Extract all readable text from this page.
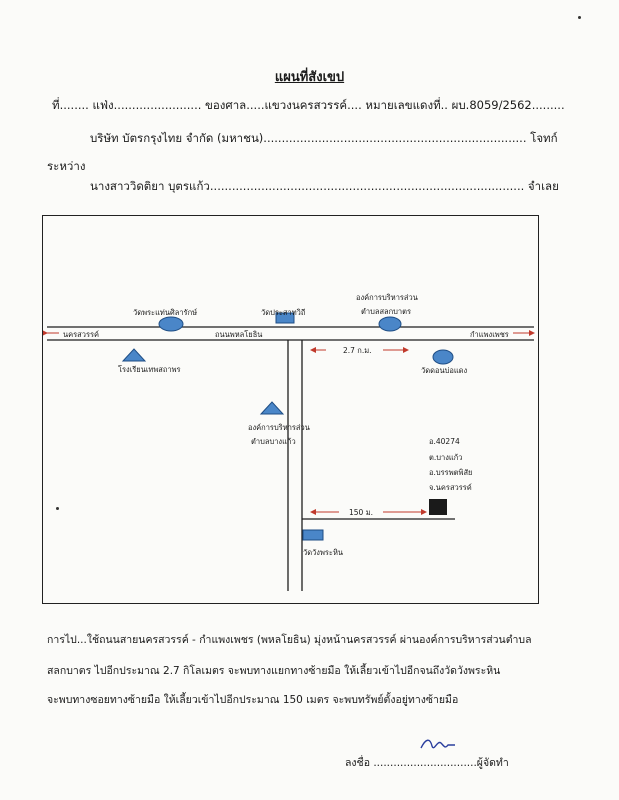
แผนที่สังเขป
ที่........ แฟ่ง........................ ของศาล.....แขวงนครสวรรค์.... หมายเลขแดงที่.. ผบ.8059/2562.........
บริษัท บัตรกรุงไทย จำกัด (มหาชน)........................................................................ โจทก์
ระหว่าง
นางสาววิดติยา บุตรแก้ว...................................................................................... จำเลย
วัดพระแท่นศิลารักษ์	วัดประสาทวิถี
องค์การบริหารส่วน
ตำบลสลกบาตร
นครสวรรค์	ถนนพหลโยธิน	กำแพงเพชร
โรงเรียนเทพสถาพร
2.7 ก.ม.
วัดดอนบ่อแดง
องค์การบริหารส่วน
ตำบลบางแก้ว	อ.40274
ต.บางแก้ว
อ.บรรพตพิสัย
จ.นครสวรรค์
150 ม.
วัดวังพระหิน
การไป...ใช้ถนนสายนครสวรรค์ - กำแพงเพชร (พหลโยธิน) มุ่งหน้านครสวรรค์ ผ่านองค์การบริหารส่วนตำบล
สลกบาตร ไปอีกประมาณ 2.7 กิโลเมตร จะพบทางแยกทางซ้ายมือ ให้เลี้ยวเข้าไปอีกจนถึงวัดวังพระหิน
จะพบทางซอยทางซ้ายมือ ให้เลี้ยวเข้าไปอีกประมาณ 150 เมตร จะพบทรัพย์ตั้งอยู่ทางซ้ายมือ
ลงชื่อ ...............................ผู้จัดทำ
